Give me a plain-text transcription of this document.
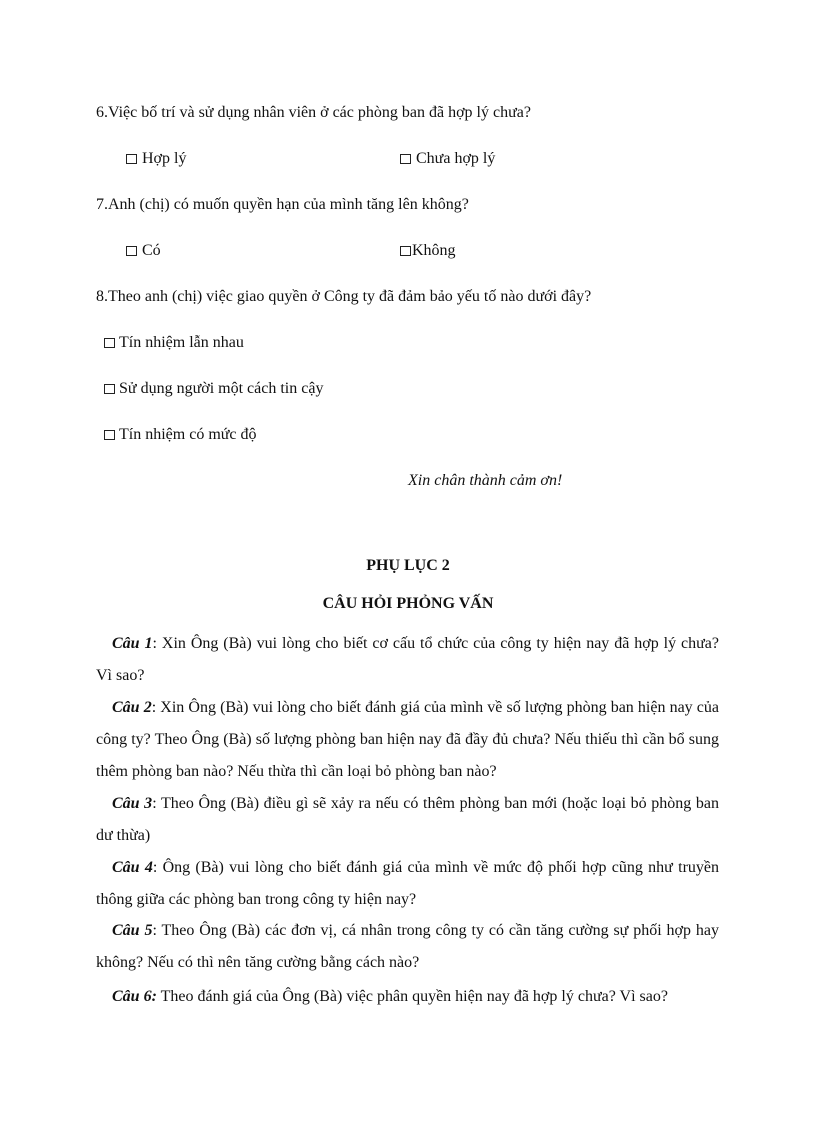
6.Việc bố trí và sử dụng nhân viên ở các phòng ban đã hợp lý chưa?
Hợp lý	Chưa hợp lý
7.Anh (chị) có muốn quyền hạn của mình tăng lên không?
Có	Không
8.Theo anh (chị) việc giao quyền ở Công ty đã đảm bảo yếu tố nào dưới đây?
Tín nhiệm lẫn nhau
Sử dụng người một cách tin cậy
Tín nhiệm có mức độ
Xin chân thành cảm ơn!
PHỤ LỤC 2
CÂU HỎI PHỎNG VẤN
Câu 1: Xin Ông (Bà) vui lòng cho biết cơ cấu tổ chức của công ty hiện nay đã hợp lý chưa? Vì sao?
Câu 2: Xin Ông (Bà) vui lòng cho biết đánh giá của mình về số lượng phòng ban hiện nay của công ty? Theo Ông (Bà) số lượng phòng ban hiện nay đã đầy đủ chưa? Nếu thiếu thì cần bổ sung thêm phòng ban nào? Nếu thừa thì cần loại bỏ phòng ban nào?
Câu 3: Theo Ông (Bà) điều gì sẽ xảy ra nếu có thêm phòng ban mới (hoặc loại bỏ phòng ban dư thừa)
Câu 4: Ông (Bà) vui lòng cho biết đánh giá của mình về mức độ phối hợp cũng như truyền thông giữa các phòng ban trong công ty hiện nay?
Câu 5: Theo Ông (Bà) các đơn vị, cá nhân trong công ty có cần tăng cường sự phối hợp hay không? Nếu có thì nên tăng cường bằng cách nào?
Câu 6: Theo đánh giá của Ông (Bà) việc phân quyền hiện nay đã hợp lý chưa? Vì sao?
